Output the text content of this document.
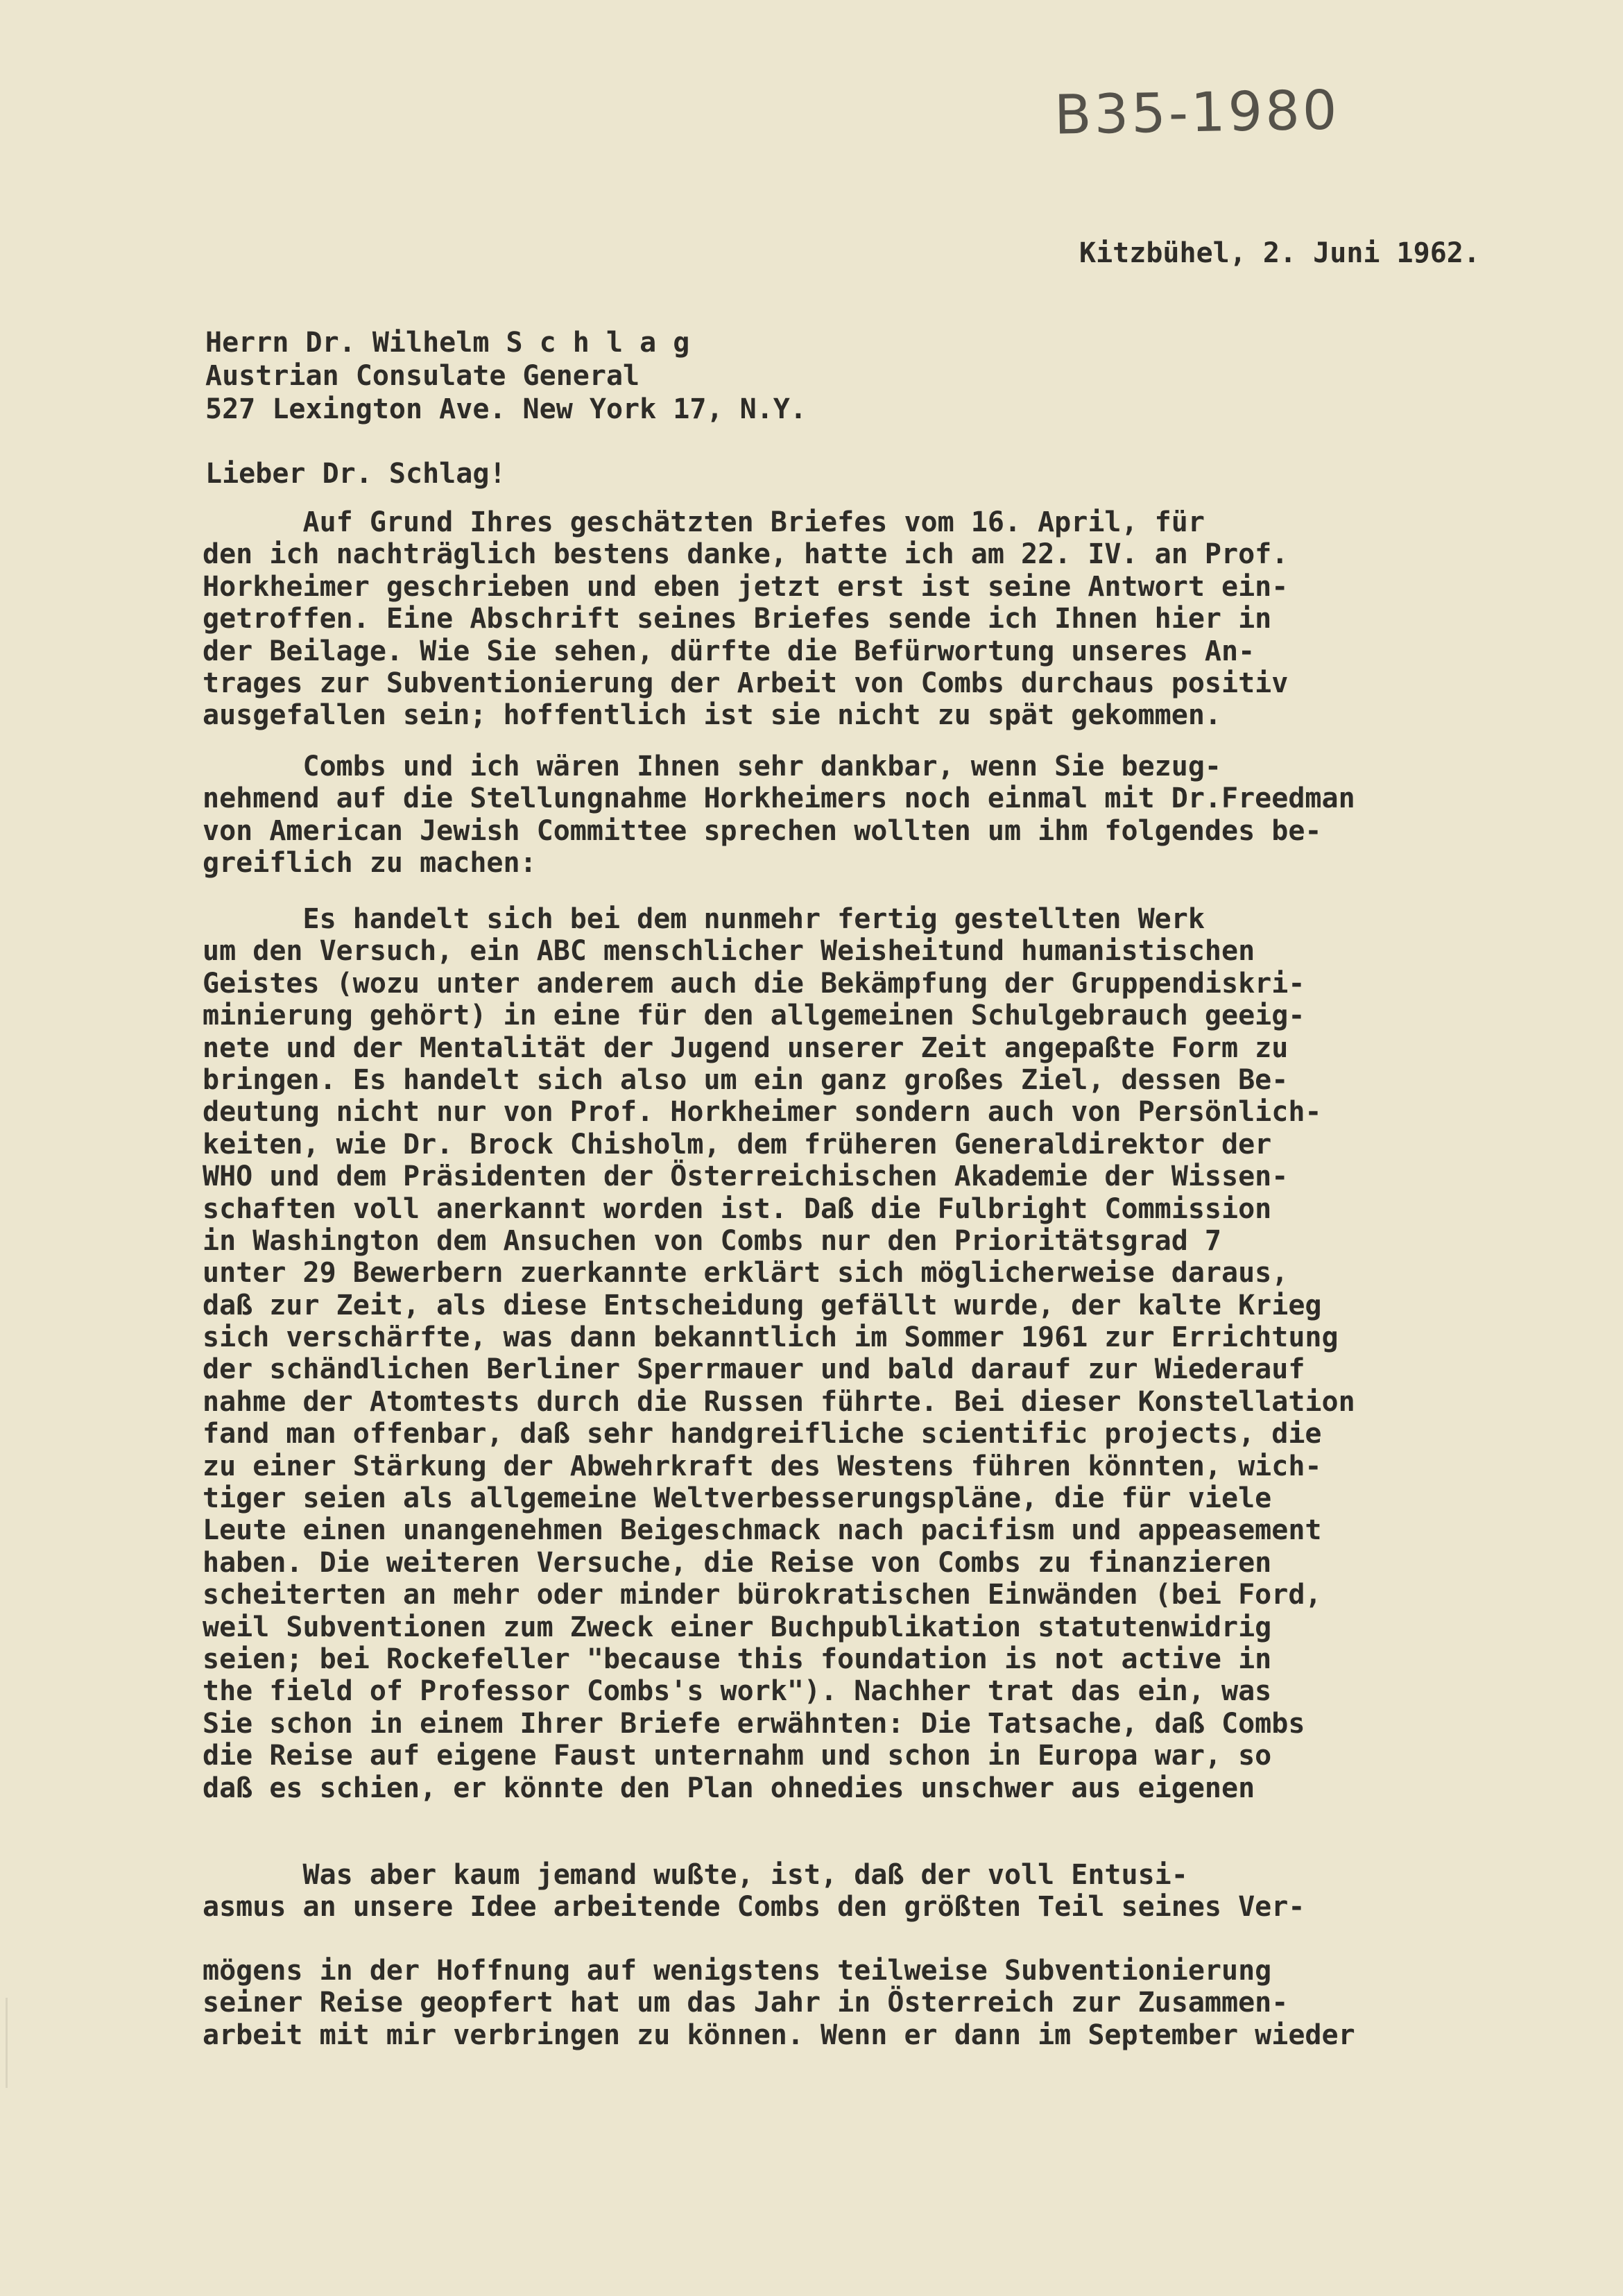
B35-1980
Kitzbühel, 2. Juni 1962.
Herrn Dr. Wilhelm S c h l a g
Austrian Consulate General
527 Lexington Ave. New York 17, N.Y.
Lieber Dr. Schlag!
Auf Grund Ihres geschätzten Briefes vom 16. April, für
den ich nachträglich bestens danke, hatte ich am 22. IV. an Prof.
Horkheimer geschrieben und eben jetzt erst ist seine Antwort ein-
getroffen. Eine Abschrift seines Briefes sende ich Ihnen hier in
der Beilage. Wie Sie sehen, dürfte die Befürwortung unseres An-
trages zur Subventionierung der Arbeit von Combs durchaus positiv
ausgefallen sein; hoffentlich ist sie nicht zu spät gekommen.
Combs und ich wären Ihnen sehr dankbar, wenn Sie bezug-
nehmend auf die Stellungnahme Horkheimers noch einmal mit Dr.Freedman
von American Jewish Committee sprechen wollten um ihm folgendes be-
greiflich zu machen:
Es handelt sich bei dem nunmehr fertig gestellten Werk
um den Versuch, ein ABC menschlicher Weisheitund humanistischen
Geistes (wozu unter anderem auch die Bekämpfung der Gruppendiskri-
minierung gehört) in eine für den allgemeinen Schulgebrauch geeig-
nete und der Mentalität der Jugend unserer Zeit angepaßte Form zu
bringen. Es handelt sich also um ein ganz großes Ziel, dessen Be-
deutung nicht nur von Prof. Horkheimer sondern auch von Persönlich-
keiten, wie Dr. Brock Chisholm, dem früheren Generaldirektor der
WHO und dem Präsidenten der Österreichischen Akademie der Wissen-
schaften voll anerkannt worden ist. Daß die Fulbright Commission
in Washington dem Ansuchen von Combs nur den Prioritätsgrad 7
unter 29 Bewerbern zuerkannte erklärt sich möglicherweise daraus,
daß zur Zeit, als diese Entscheidung gefällt wurde, der kalte Krieg
sich verschärfte, was dann bekanntlich im Sommer 1961 zur Errichtung
der schändlichen Berliner Sperrmauer und bald darauf zur Wiederauf
nahme der Atomtests durch die Russen führte. Bei dieser Konstellation
fand man offenbar, daß sehr handgreifliche scientific projects, die
zu einer Stärkung der Abwehrkraft des Westens führen könnten, wich-
tiger seien als allgemeine Weltverbesserungspläne, die für viele
Leute einen unangenehmen Beigeschmack nach pacifism und appeasement
haben. Die weiteren Versuche, die Reise von Combs zu finanzieren
scheiterten an mehr oder minder bürokratischen Einwänden (bei Ford,
weil Subventionen zum Zweck einer Buchpublikation statutenwidrig
seien; bei Rockefeller "because this foundation is not active in
the field of Professor Combs's work"). Nachher trat das ein, was
Sie schon in einem Ihrer Briefe erwähnten: Die Tatsache, daß Combs
die Reise auf eigene Faust unternahm und schon in Europa war, so
daß es schien, er könnte den Plan ohnedies unschwer aus eigenen
Was aber kaum jemand wußte, ist, daß der voll Entusi-
asmus an unsere Idee arbeitende Combs den größten Teil seines Ver-
mögens in der Hoffnung auf wenigstens teilweise Subventionierung
seiner Reise geopfert hat um das Jahr in Österreich zur Zusammen-
arbeit mit mir verbringen zu können. Wenn er dann im September wieder
